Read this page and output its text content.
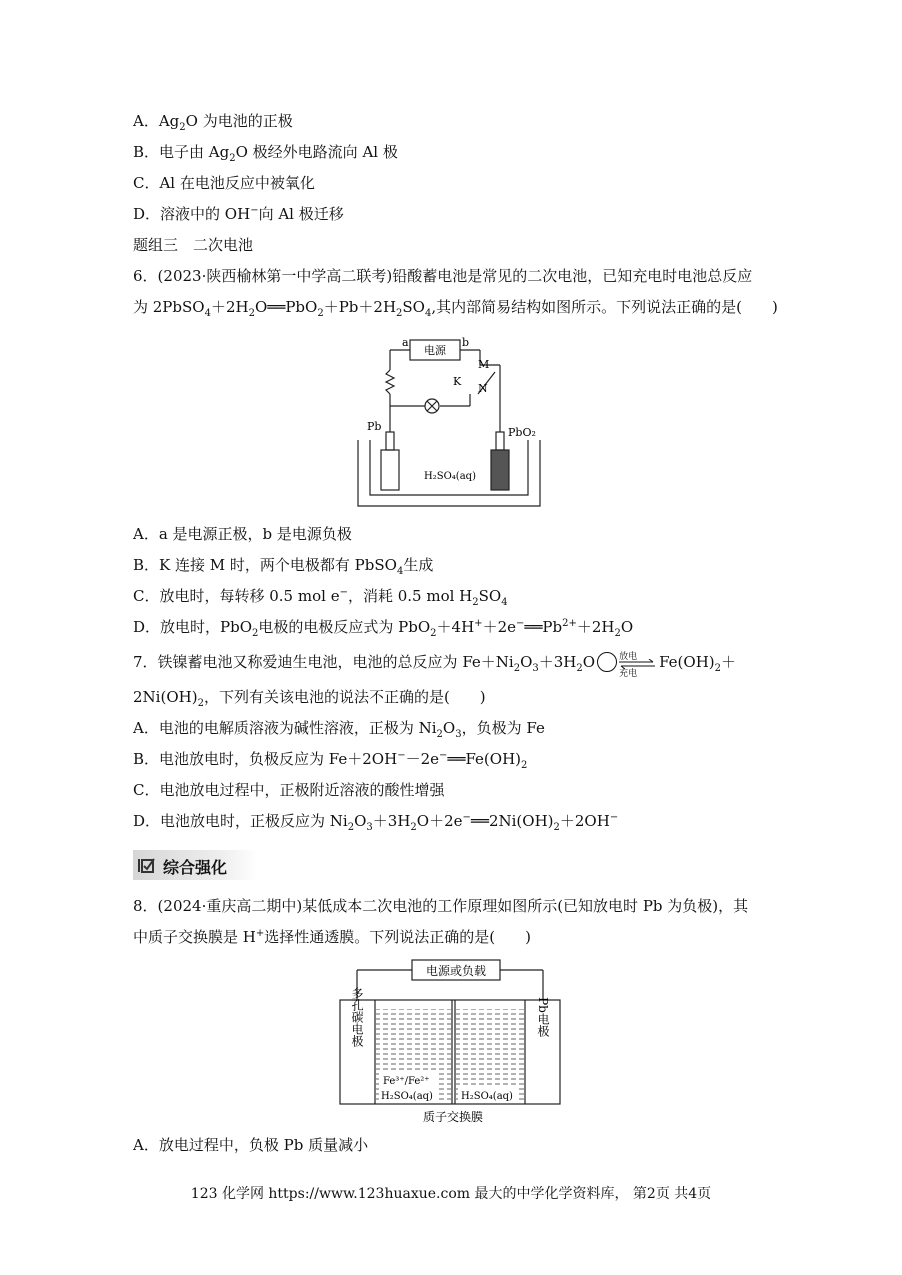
A．$Ag_2O$ 为电池的正极
B．电子由 $Ag_2O$ 极经外电路流向 Al 极
C．Al 在电池反应中被氧化
D．溶液中的 OH−向 Al 极迁移
题组三　二次电池
6．(2023·陕西榆林第一中学高二联考)铅酸蓄电池是常见的二次电池，已知充电时电池总反应
为 $2PbSO_4+2H_2O══PbO_2+Pb+2H_2SO_4$,其内部简易结构如图所示。下列说法正确的是(　　)
a	b
电源
M
K
N
Pb	PbO₂
H₂SO₄(aq)
A．a 是电源正极，b 是电源负极
B．K 连接 M 时，两个电极都有 PbSO$_4$生成
C．放电时，每转移 0.5 mol e−，消耗 0.5 mol $H_2SO_4$
D．放电时，PbO$_2$电极的电极反应式为 $PbO_2+4H^++2e^-══Pb^{2+}+2H_2O$
7．铁镍蓄电池又称爱迪生电池，电池的总反应为 $Fe+Ni_2O_3+3H_2O$	放电
充电
$Fe(OH)_2+$
$2Ni(OH)_2$，下列有关该电池的说法不正确的是(　　)
A．电池的电解质溶液为碱性溶液，正极为 $Ni_2O_3$，负极为 Fe
B．电池放电时，负极反应为 $Fe+2OH^--2e^-══Fe(OH)_2$
C．电池放电过程中，正极附近溶液的酸性增强
D．电池放电时，正极反应为 $Ni_2O_3+3H_2O+2e^-══2Ni(OH)_2+2OH^-$
综合强化
8．(2024·重庆高二期中)某低成本二次电池的工作原理如图所示(已知放电时 Pb 为负极)，其
中质子交换膜是 H+选择性通透膜。下列说法正确的是(　　)
电源或负载
多孔碳电极	Pb电极
Fe³⁺/Fe²⁺
H₂SO₄(aq)	H₂SO₄(aq)
质子交换膜
A．放电过程中，负极 Pb 质量减小
123 化学网 https://www.123huaxue.com 最大的中学化学资料库， 第2页 共4页
